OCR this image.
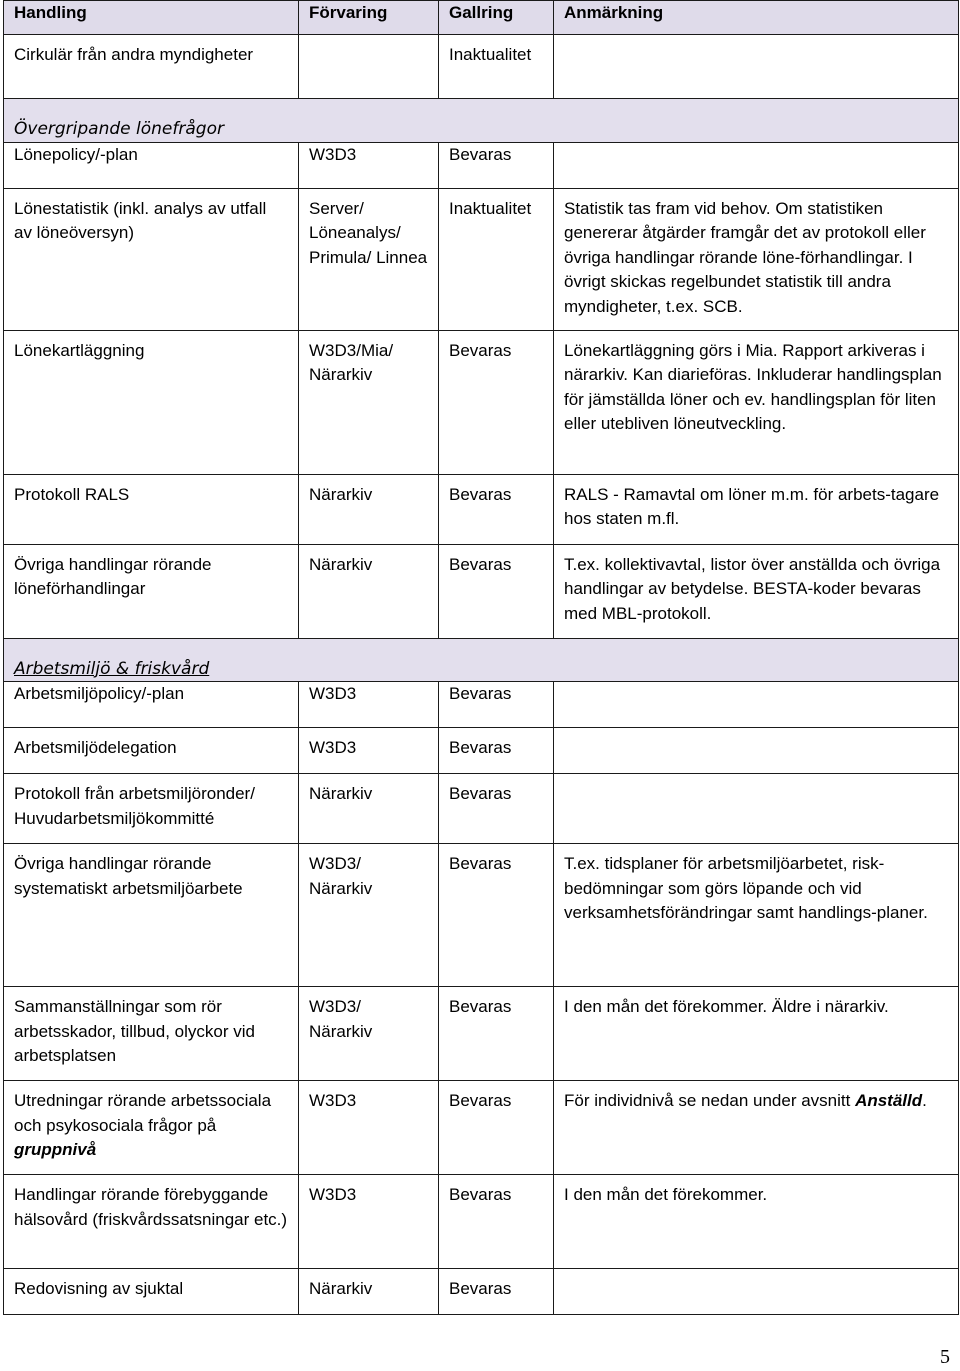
Handling	Förvaring	Gallring	Anmärkning
Cirkulär från andra myndigheter		Inaktualitet	

Övergripande lönefrågor			
Lönepolicy/-plan	W3D3	Bevaras	
Lönestatistik (inkl. analys av utfall av löneöversyn)	Server/ Löneanalys/ Primula/ Linnea	Inaktualitet	Statistik tas fram vid behov. Om statistiken genererar åtgärder framgår det av protokoll eller övriga handlingar rörande löne-förhandlingar. I övrigt skickas regelbundet statistik till andra myndigheter, t.ex. SCB.
Lönekartläggning	W3D3/Mia/ Närarkiv	Bevaras	Lönekartläggning görs i Mia. Rapport arkiveras i närarkiv. Kan diarieföras. Inkluderar handlingsplan för jämställda löner och ev. handlingsplan för liten eller utebliven löneutveckling.
Protokoll RALS	Närarkiv	Bevaras	RALS - Ramavtal om löner m.m. för arbets-tagare hos staten m.fl.
Övriga handlingar rörande löneförhandlingar	Närarkiv	Bevaras	T.ex. kollektivavtal, listor över anställda och övriga handlingar av betydelse. BESTA-koder bevaras med MBL-protokoll.
Arbetsmiljö & friskvård			
Arbetsmiljöpolicy/-plan	W3D3	Bevaras	
Arbetsmiljödelegation	W3D3	Bevaras	
Protokoll från arbetsmiljöronder/ Huvudarbetsmiljökommitté	Närarkiv	Bevaras	
Övriga handlingar rörande systematiskt arbetsmiljöarbete	W3D3/ Närarkiv	Bevaras	T.ex. tidsplaner för arbetsmiljöarbetet, risk-bedömningar som görs löpande och vid verksamhetsförändringar samt handlings-planer.
Sammanställningar som rör arbetsskador, tillbud, olyckor vid arbetsplatsen	W3D3/ Närarkiv	Bevaras	I den mån det förekommer. Äldre i närarkiv.
Utredningar rörande arbetssociala och psykosociala frågor på gruppnivå	W3D3	Bevaras	För individnivå se nedan under avsnitt Anställd.
Handlingar rörande förebyggande hälsovård (friskvårdssatsningar etc.)	W3D3	Bevaras	I den mån det förekommer.
Redovisning av sjuktal	Närarkiv	Bevaras	
5
